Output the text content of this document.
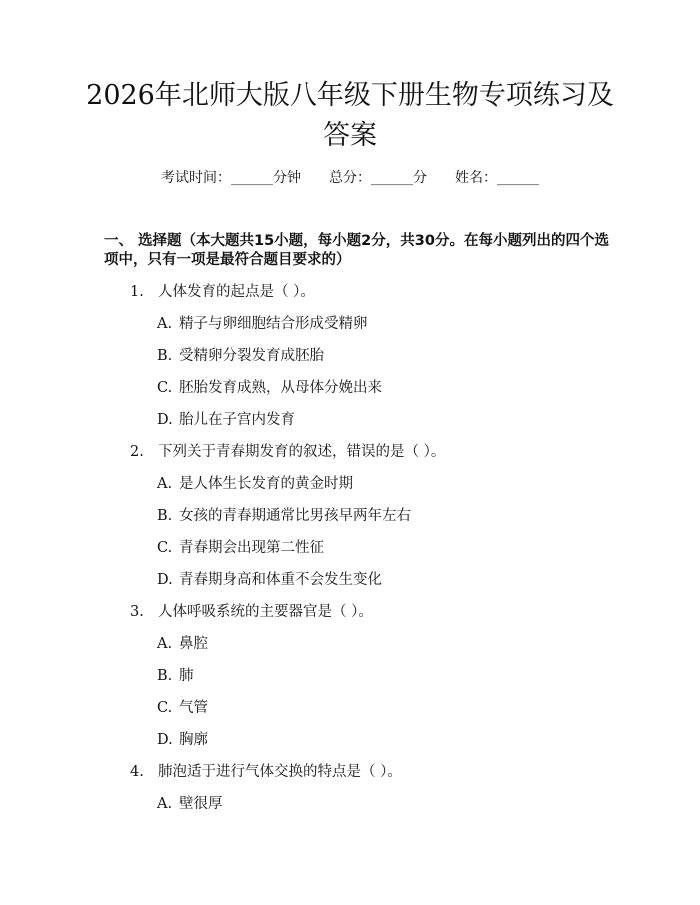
2026年北师大版八年级下册生物专项练习及
答案
考试时间：______分钟 总分：______分 姓名：______
一、 选择题（本大题共15小题，每小题2分，共30分。在每小题列出的四个选
项中，只有一项是最符合题目要求的）
1. 人体发育的起点是（ ）。
A. 精子与卵细胞结合形成受精卵
B. 受精卵分裂发育成胚胎
C. 胚胎发育成熟，从母体分娩出来
D. 胎儿在子宫内发育
2. 下列关于青春期发育的叙述，错误的是（ ）。
A. 是人体生长发育的黄金时期
B. 女孩的青春期通常比男孩早两年左右
C. 青春期会出现第二性征
D. 青春期身高和体重不会发生变化
3. 人体呼吸系统的主要器官是（ ）。
A. 鼻腔
B. 肺
C. 气管
D. 胸廓
4. 肺泡适于进行气体交换的特点是（ ）。
A. 壁很厚
